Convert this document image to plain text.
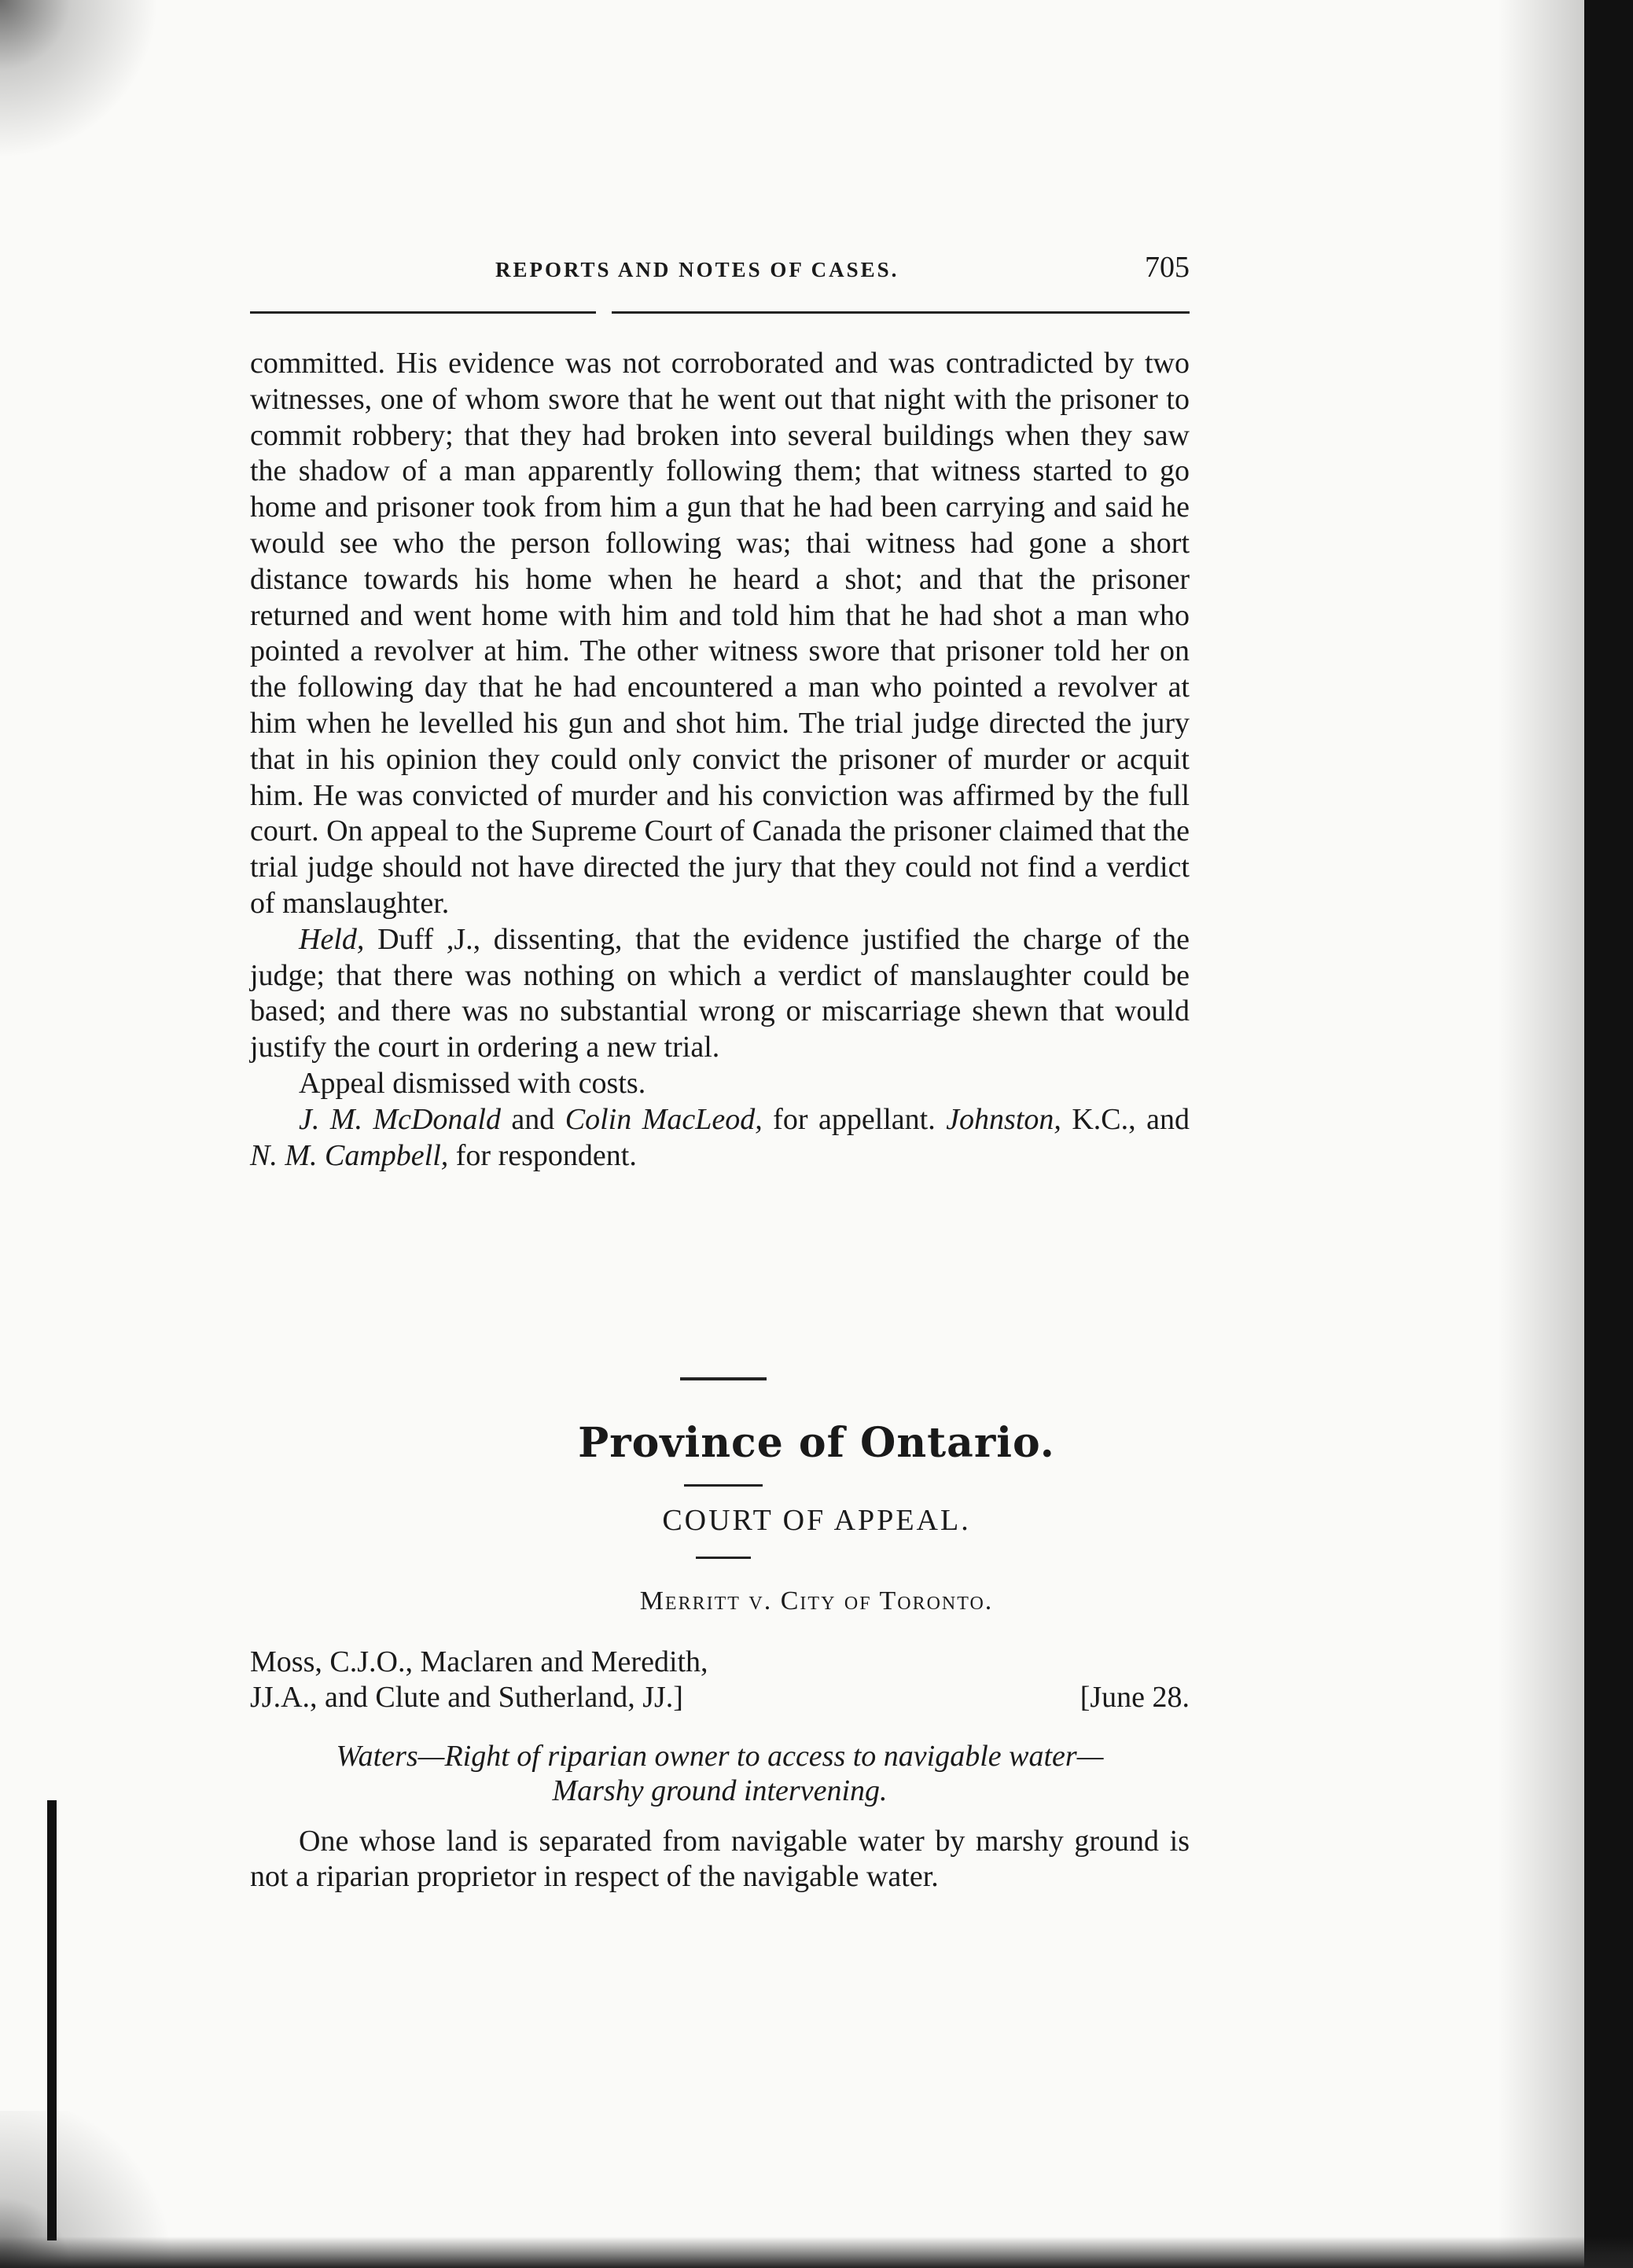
REPORTS AND NOTES OF CASES.	705

committed. His evidence was not corroborated and was contradicted by two witnesses, one of whom swore that he went out that night with the prisoner to commit robbery; that they had broken into several buildings when they saw the shadow of a man apparently following them; that witness started to go home and prisoner took from him a gun that he had been carrying and said he would see who the person following was; thai witness had gone a short distance towards his home when he heard a shot; and that the prisoner returned and went home with him and told him that he had shot a man who pointed a revolver at him. The other witness swore that prisoner told her on the following day that he had encountered a man who pointed a revolver at him when he levelled his gun and shot him. The trial judge directed the jury that in his opinion they could only convict the prisoner of murder or acquit him. He was convicted of murder and his conviction was affirmed by the full court. On appeal to the Supreme Court of Canada the prisoner claimed that the trial judge should not have directed the jury that they could not find a verdict of manslaughter.

Held, Duff ,J., dissenting, that the evidence justified the charge of the judge; that there was nothing on which a verdict of manslaughter could be based; and there was no substantial wrong or miscarriage shewn that would justify the court in ordering a new trial.

Appeal dismissed with costs.

J. M. McDonald and Colin MacLeod, for appellant. Johnston, K.C., and N. M. Campbell, for respondent.

Province of Ontario.
COURT OF APPEAL.
Merritt v. City of Toronto.
Moss, C.J.O., Maclaren and Meredith,
JJ.A., and Clute and Sutherland, JJ.]	[June 28.
Waters—Right of riparian owner to access to navigable water—
Marshy ground intervening.

One whose land is separated from navigable water by marshy ground is not a riparian proprietor in respect of the navigable water.
